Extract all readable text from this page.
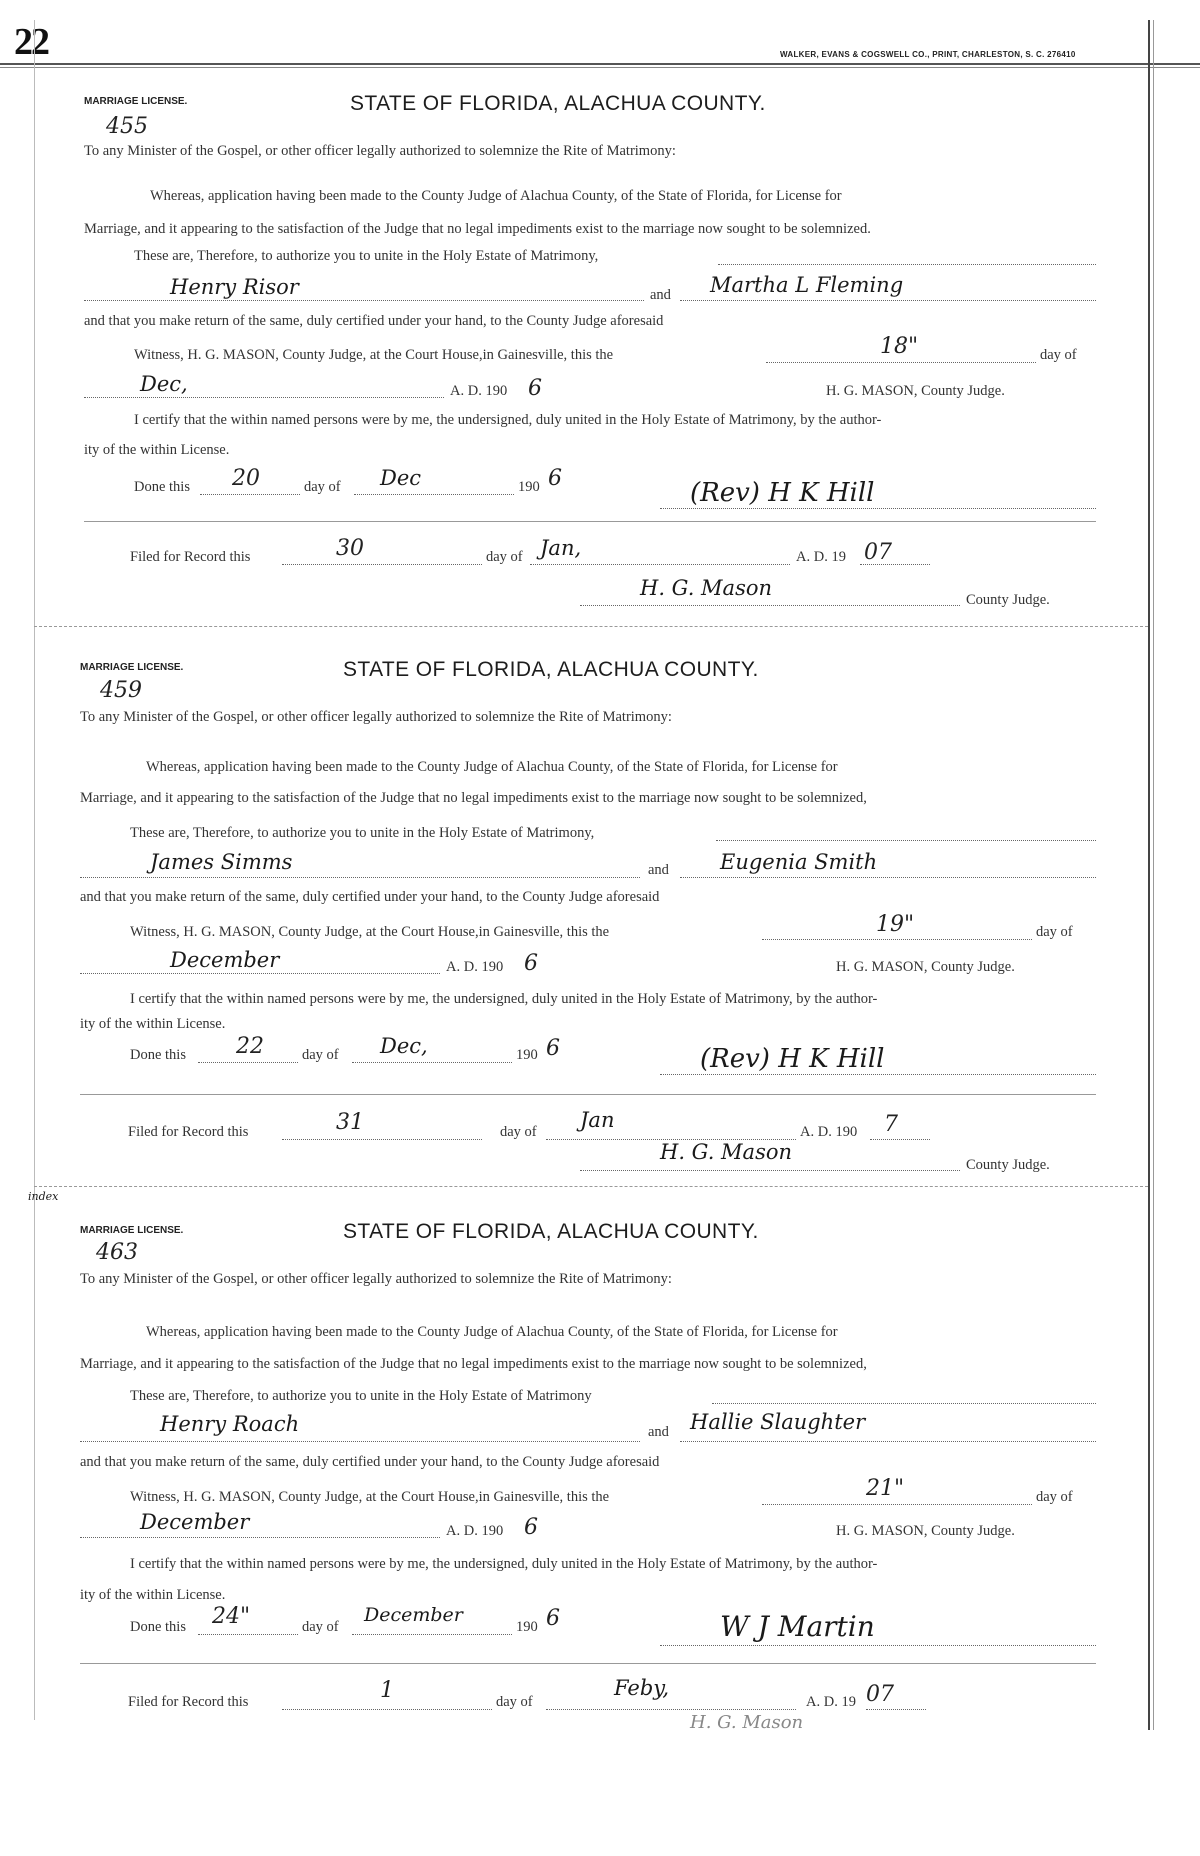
22	WALKER, EVANS & COGSWELL CO., PRINT, CHARLESTON, S. C. 276410
MARRIAGE LICENSE.	STATE OF FLORIDA, ALACHUA COUNTY.
455
To any Minister of the Gospel, or other officer legally authorized to solemnize the Rite of Matrimony:
Whereas, application having been made to the County Judge of Alachua County, of the State of Florida, for License for
Marriage, and it appearing to the satisfaction of the Judge that no legal impediments exist to the marriage now sought to be solemnized.
These are, Therefore, to authorize you to unite in the Holy Estate of Matrimony,
Henry Risor	and Martha L Fleming
and that you make return of the same, duly certified under your hand, to the County Judge aforesaid
Witness, H. G. MASON, County Judge, at the Court House,in Gainesville, this the	18"	day of
Dec,	A. D. 190 6	H. G. MASON, County Judge.
I certify that the within named persons were by me, the undersigned, duly united in the Holy Estate of Matrimony, by the author-
ity of the within License.
Done this 20	day of Dec	190 6	(Rev) H K Hill
Filed for Record this	30	day of Jan,	A. D. 19 07
H. G. Mason	County Judge.
MARRIAGE LICENSE.	STATE OF FLORIDA, ALACHUA COUNTY.
459
To any Minister of the Gospel, or other officer legally authorized to solemnize the Rite of Matrimony:
Whereas, application having been made to the County Judge of Alachua County, of the State of Florida, for License for
Marriage, and it appearing to the satisfaction of the Judge that no legal impediments exist to the marriage now sought to be solemnized,
These are, Therefore, to authorize you to unite in the Holy Estate of Matrimony,
James Simms	and Eugenia Smith
and that you make return of the same, duly certified under your hand, to the County Judge aforesaid
Witness, H. G. MASON, County Judge, at the Court House,in Gainesville, this the	19"	day of
December	A. D. 190 6	H. G. MASON, County Judge.
I certify that the within named persons were by me, the undersigned, duly united in the Holy Estate of Matrimony, by the author-
ity of the within License.
Done this 22	day of Dec,	190 6	(Rev) H K Hill
Filed for Record this	31	day of Jan	A. D. 190 7
H. G. Mason
County Judge.
index
MARRIAGE LICENSE.	STATE OF FLORIDA, ALACHUA COUNTY.
463
To any Minister of the Gospel, or other officer legally authorized to solemnize the Rite of Matrimony:
Whereas, application having been made to the County Judge of Alachua County, of the State of Florida, for License for
Marriage, and it appearing to the satisfaction of the Judge that no legal impediments exist to the marriage now sought to be solemnized,
These are, Therefore, to authorize you to unite in the Holy Estate of Matrimony
Henry Roach	and Hallie Slaughter
and that you make return of the same, duly certified under your hand, to the County Judge aforesaid
Witness, H. G. MASON, County Judge, at the Court House,in Gainesville, this the	21"	day of
December	A. D. 190 6	H. G. MASON, County Judge.
I certify that the within named persons were by me, the undersigned, duly united in the Holy Estate of Matrimony, by the author-
ity of the within License.
Done this 24"	day of
December
190 6	W J Martin
Filed for Record this	1	day of
Feby,
A. D. 19 07
H. G. Mason
